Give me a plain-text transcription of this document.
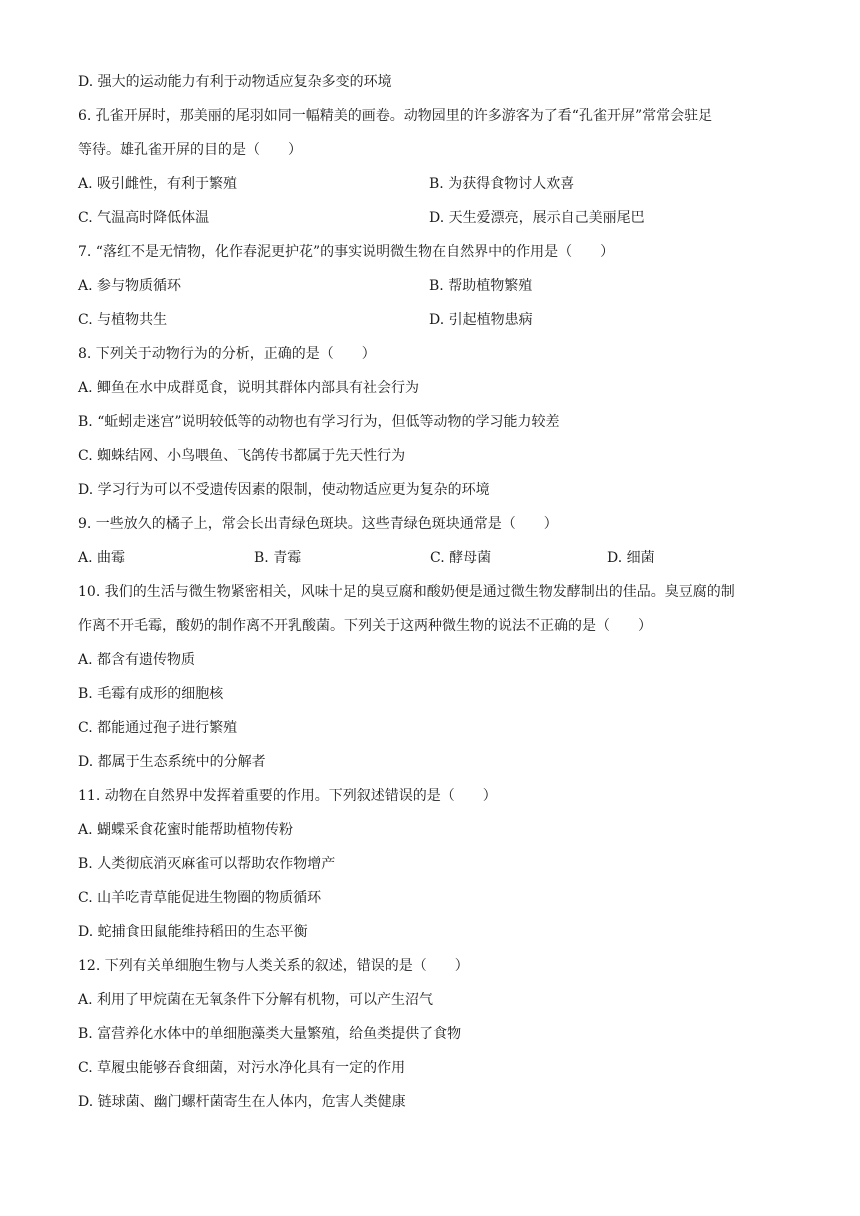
D. 强大的运动能力有利于动物适应复杂多变的环境
6. 孔雀开屏时，那美丽的尾羽如同一幅精美的画卷。动物园里的许多游客为了看“孔雀开屏”常常会驻足
等待。雄孔雀开屏的目的是（　　）
A. 吸引雌性，有利于繁殖	B. 为获得食物讨人欢喜
C. 气温高时降低体温	D. 天生爱漂亮，展示自己美丽尾巴
7. “落红不是无情物，化作春泥更护花”的事实说明微生物在自然界中的作用是（　　）
A. 参与物质循环	B. 帮助植物繁殖
C. 与植物共生	D. 引起植物患病
8. 下列关于动物行为的分析，正确的是（　　）
A. 鲫鱼在水中成群觅食，说明其群体内部具有社会行为
B. “蚯蚓走迷宫”说明较低等的动物也有学习行为，但低等动物的学习能力较差
C. 蜘蛛结网、小鸟喂鱼、飞鸽传书都属于先天性行为
D. 学习行为可以不受遗传因素的限制，使动物适应更为复杂的环境
9. 一些放久的橘子上，常会长出青绿色斑块。这些青绿色斑块通常是（　　）
A. 曲霉	B. 青霉	C. 酵母菌	D. 细菌
10. 我们的生活与微生物紧密相关，风味十足的臭豆腐和酸奶便是通过微生物发酵制出的佳品。臭豆腐的制
作离不开毛霉，酸奶的制作离不开乳酸菌。下列关于这两种微生物的说法不正确的是（　　）
A. 都含有遗传物质
B. 毛霉有成形的细胞核
C. 都能通过孢子进行繁殖
D. 都属于生态系统中的分解者
11. 动物在自然界中发挥着重要的作用。下列叙述错误的是（　　）
A. 蝴蝶采食花蜜时能帮助植物传粉
B. 人类彻底消灭麻雀可以帮助农作物增产
C. 山羊吃青草能促进生物圈的物质循环
D. 蛇捕食田鼠能维持稻田的生态平衡
12. 下列有关单细胞生物与人类关系的叙述，错误的是（　　）
A. 利用了甲烷菌在无氧条件下分解有机物，可以产生沼气
B. 富营养化水体中的单细胞藻类大量繁殖，给鱼类提供了食物
C. 草履虫能够吞食细菌，对污水净化具有一定的作用
D. 链球菌、幽门螺杆菌寄生在人体内，危害人类健康
